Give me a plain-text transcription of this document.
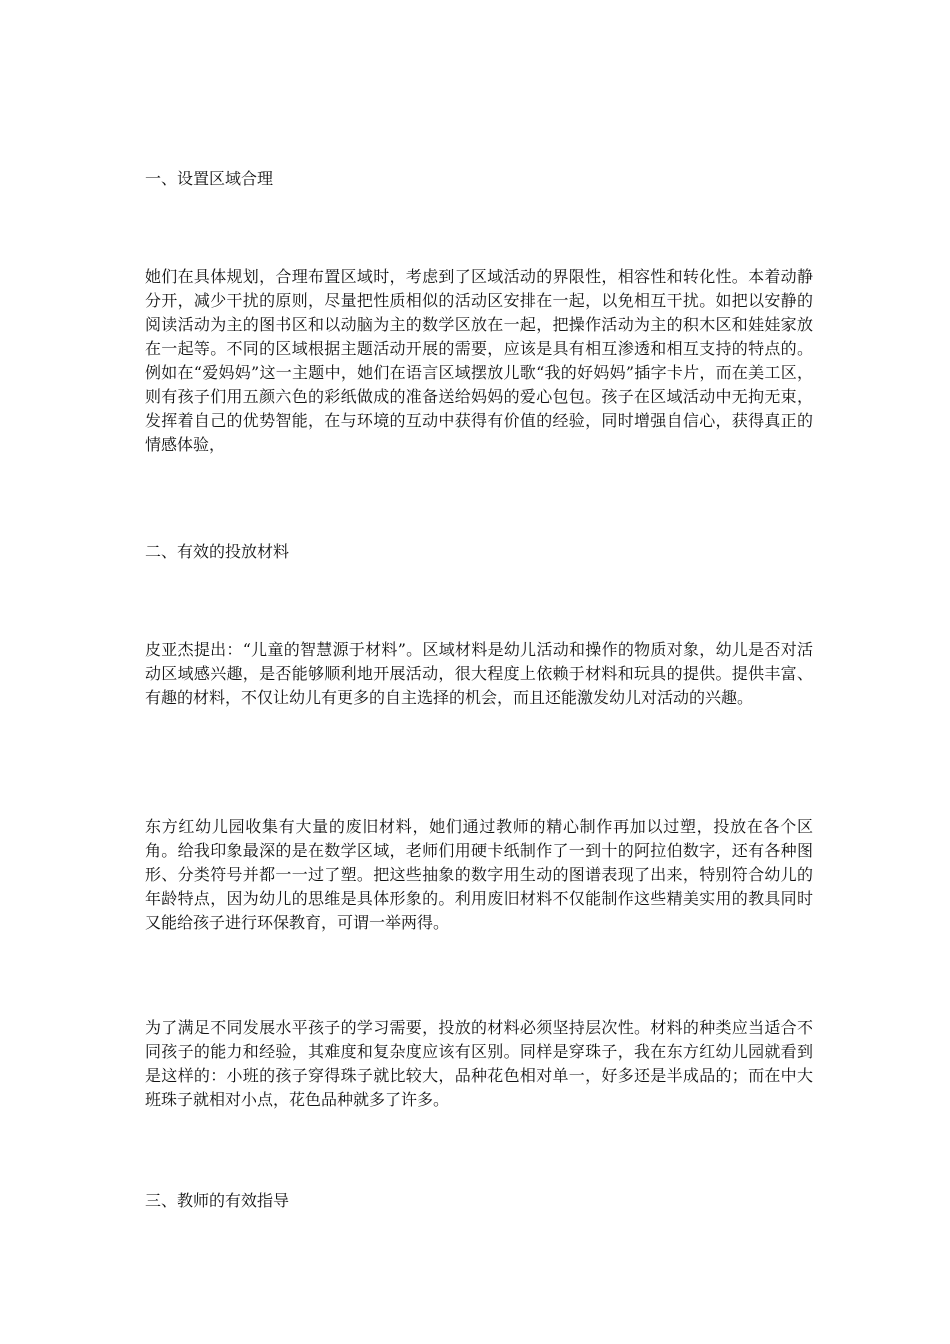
一、设置区域合理

她们在具体规划，合理布置区域时，考虑到了区域活动的界限性，相容性和转化性。本着动静分开，减少干扰的原则，尽量把性质相似的活动区安排在一起，以免相互干扰。如把以安静的阅读活动为主的图书区和以动脑为主的数学区放在一起，把操作活动为主的积木区和娃娃家放在一起等。不同的区域根据主题活动开展的需要，应该是具有相互渗透和相互支持的特点的。例如在“爱妈妈”这一主题中，她们在语言区域摆放儿歌“我的好妈妈”插字卡片，而在美工区，则有孩子们用五颜六色的彩纸做成的准备送给妈妈的爱心包包。孩子在区域活动中无拘无束，发挥着自己的优势智能，在与环境的互动中获得有价值的经验，同时增强自信心，获得真正的情感体验，

二、有效的投放材料

皮亚杰提出：“儿童的智慧源于材料”。区域材料是幼儿活动和操作的物质对象，幼儿是否对活动区域感兴趣，是否能够顺利地开展活动，很大程度上依赖于材料和玩具的提供。提供丰富、有趣的材料，不仅让幼儿有更多的自主选择的机会，而且还能激发幼儿对活动的兴趣。

东方红幼儿园收集有大量的废旧材料，她们通过教师的精心制作再加以过塑，投放在各个区角。给我印象最深的是在数学区域，老师们用硬卡纸制作了一到十的阿拉伯数字，还有各种图形、分类符号并都一一过了塑。把这些抽象的数字用生动的图谱表现了出来，特别符合幼儿的年龄特点，因为幼儿的思维是具体形象的。利用废旧材料不仅能制作这些精美实用的教具同时又能给孩子进行环保教育，可谓一举两得。

为了满足不同发展水平孩子的学习需要，投放的材料必须坚持层次性。材料的种类应当适合不同孩子的能力和经验，其难度和复杂度应该有区别。同样是穿珠子，我在东方红幼儿园就看到是这样的：小班的孩子穿得珠子就比较大，品种花色相对单一，好多还是半成品的；而在中大班珠子就相对小点，花色品种就多了许多。

三、教师的有效指导
